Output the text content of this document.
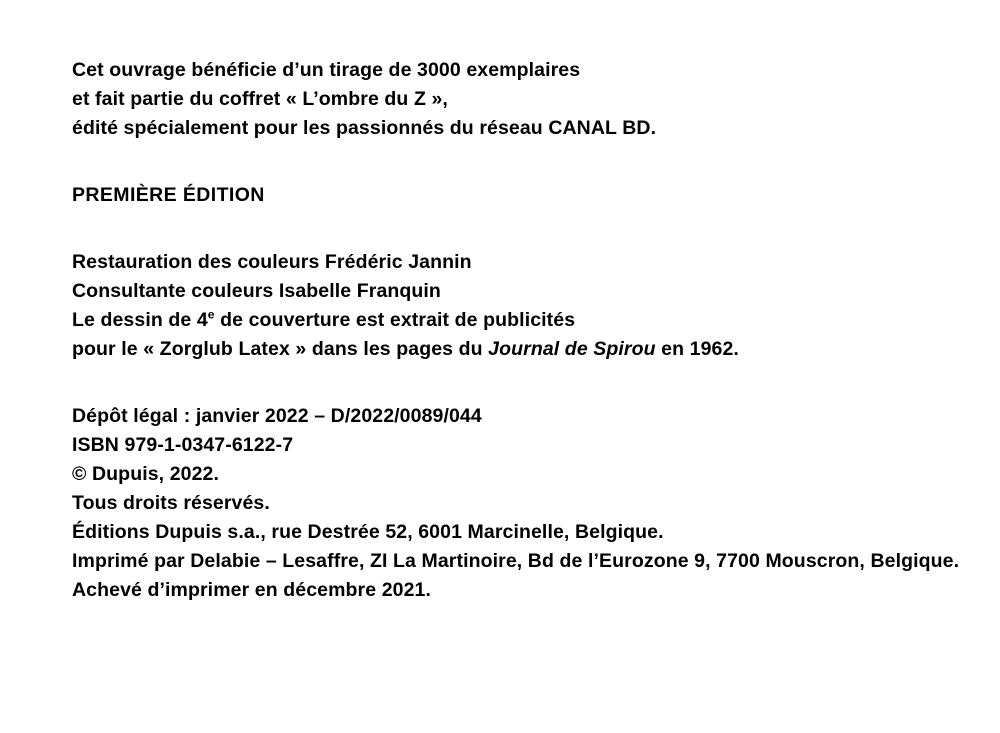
Cet ouvrage bénéficie d’un tirage de 3000 exemplaires
et fait partie du coffret « L’ombre du Z »,
édité spécialement pour les passionnés du réseau CANAL BD.
PREMIÈRE ÉDITION
Restauration des couleurs Frédéric Jannin
Consultante couleurs Isabelle Franquin
Le dessin de 4e de couverture est extrait de publicités
pour le « Zorglub Latex » dans les pages du Journal de Spirou en 1962.
Dépôt légal : janvier 2022 – D/2022/0089/044
ISBN 979-1-0347-6122-7
© Dupuis, 2022.
Tous droits réservés.
Éditions Dupuis s.a., rue Destrée 52, 6001 Marcinelle, Belgique.
Imprimé par Delabie – Lesaffre, ZI La Martinoire, Bd de l’Eurozone 9, 7700 Mouscron, Belgique.
Achevé d’imprimer en décembre 2021.
